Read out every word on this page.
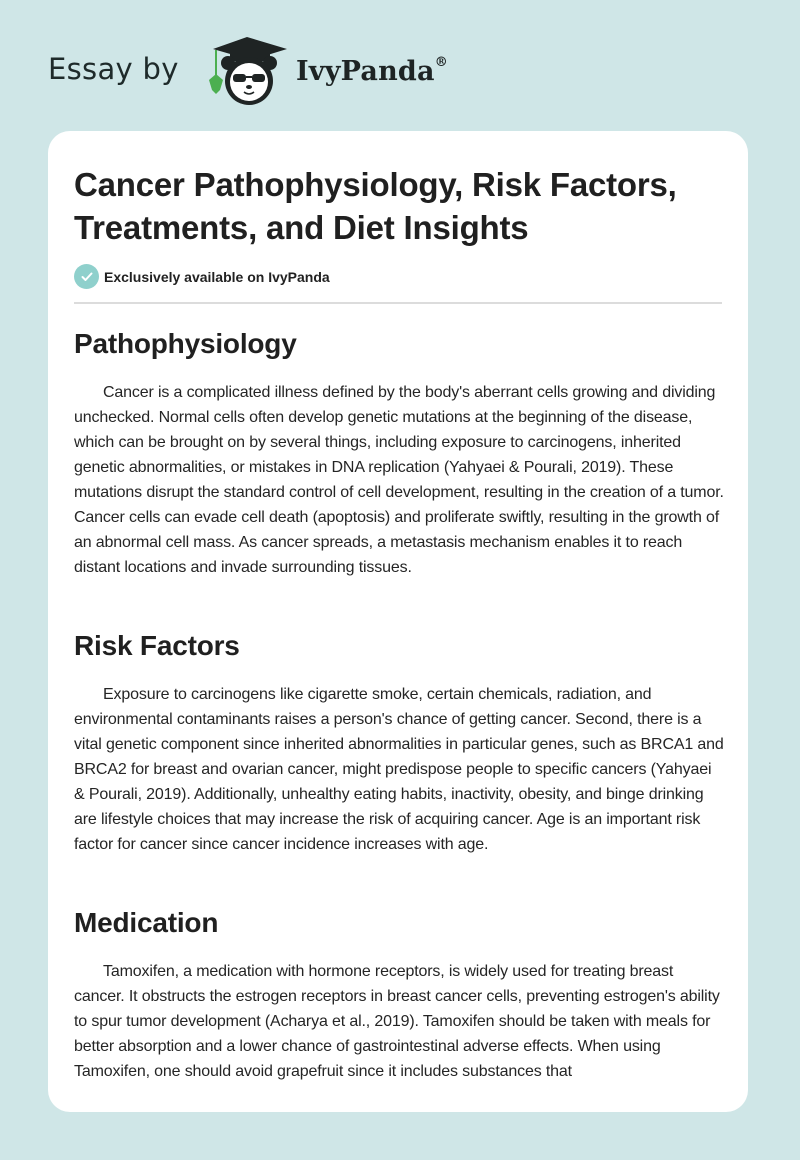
Essay by	IvyPanda®
Cancer Pathophysiology, Risk Factors, Treatments, and Diet Insights
Exclusively available on IvyPanda
Pathophysiology

Cancer is a complicated illness defined by the body's aberrant cells growing and dividing unchecked. Normal cells often develop genetic mutations at the beginning of the disease, which can be brought on by several things, including exposure to carcinogens, inherited genetic abnormalities, or mistakes in DNA replication (Yahyaei & Pourali, 2019). These mutations disrupt the standard control of cell development, resulting in the creation of a tumor. Cancer cells can evade cell death (apoptosis) and proliferate swiftly, resulting in the growth of an abnormal cell mass. As cancer spreads, a metastasis mechanism enables it to reach distant locations and invade surrounding tissues.

Risk Factors

Exposure to carcinogens like cigarette smoke, certain chemicals, radiation, and environmental contaminants raises a person's chance of getting cancer. Second, there is a vital genetic component since inherited abnormalities in particular genes, such as BRCA1 and BRCA2 for breast and ovarian cancer, might predispose people to specific cancers (Yahyaei & Pourali, 2019). Additionally, unhealthy eating habits, inactivity, obesity, and binge drinking are lifestyle choices that may increase the risk of acquiring cancer. Age is an important risk factor for cancer since cancer incidence increases with age.

Medication

Tamoxifen, a medication with hormone receptors, is widely used for treating breast cancer. It obstructs the estrogen receptors in breast cancer cells, preventing estrogen's ability to spur tumor development (Acharya et al., 2019). Tamoxifen should be taken with meals for better absorption and a lower chance of gastrointestinal adverse effects. When using Tamoxifen, one should avoid grapefruit since it includes substances that
